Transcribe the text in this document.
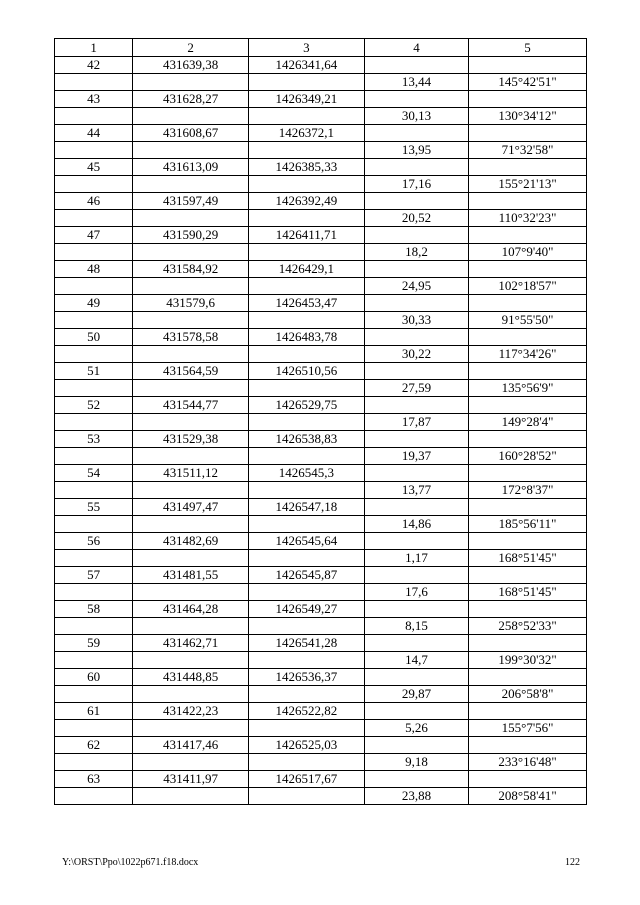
1	2	3	4	5
42	431639,38	1426341,64		
			13,44	145°42'51"
43	431628,27	1426349,21		
			30,13	130°34'12"
44	431608,67	1426372,1		
			13,95	71°32'58"
45	431613,09	1426385,33		
			17,16	155°21'13"
46	431597,49	1426392,49		
			20,52	110°32'23"
47	431590,29	1426411,71		
			18,2	107°9'40"
48	431584,92	1426429,1		
			24,95	102°18'57"
49	431579,6	1426453,47		
			30,33	91°55'50"
50	431578,58	1426483,78		
			30,22	117°34'26"
51	431564,59	1426510,56		
			27,59	135°56'9"
52	431544,77	1426529,75		
			17,87	149°28'4"
53	431529,38	1426538,83		
			19,37	160°28'52"
54	431511,12	1426545,3		
			13,77	172°8'37"
55	431497,47	1426547,18		
			14,86	185°56'11"
56	431482,69	1426545,64		
			1,17	168°51'45"
57	431481,55	1426545,87		
			17,6	168°51'45"
58	431464,28	1426549,27		
			8,15	258°52'33"
59	431462,71	1426541,28		
			14,7	199°30'32"
60	431448,85	1426536,37		
			29,87	206°58'8"
61	431422,23	1426522,82		
			5,26	155°7'56"
62	431417,46	1426525,03		
			9,18	233°16'48"
63	431411,97	1426517,67		
			23,88	208°58'41"
Y:\ORST\Ppo\1022p671.f18.docx	122
